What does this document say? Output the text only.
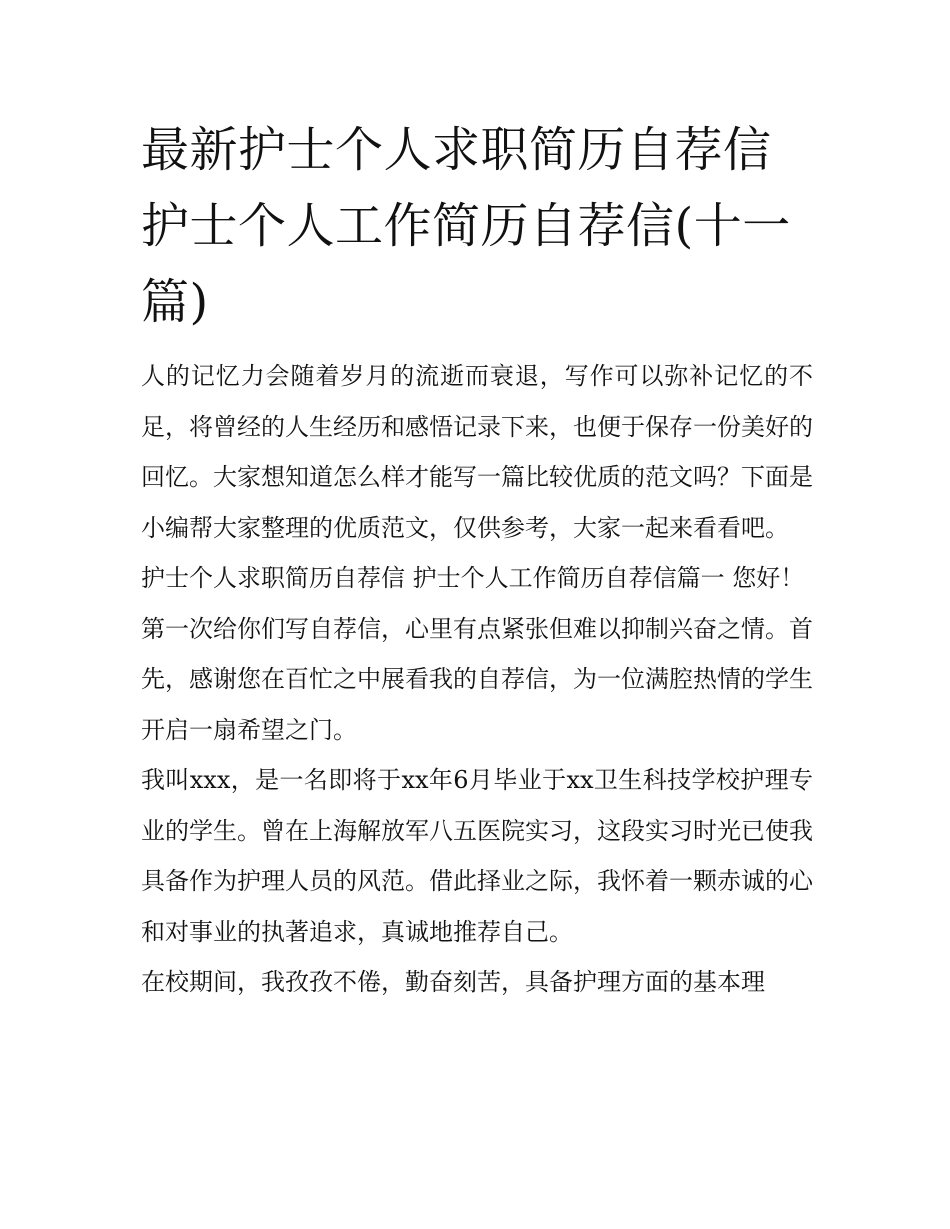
最新护士个人求职简历自荐信 护士个人工作简历自荐信(十一篇)

人的记忆力会随着岁月的流逝而衰退，写作可以弥补记忆的不足，将曾经的人生经历和感悟记录下来，也便于保存一份美好的回忆。大家想知道怎么样才能写一篇比较优质的范文吗？下面是小编帮大家整理的优质范文，仅供参考，大家一起来看看吧。

护士个人求职简历自荐信 护士个人工作简历自荐信篇一 您好！

第一次给你们写自荐信，心里有点紧张但难以抑制兴奋之情。首先，感谢您在百忙之中展看我的自荐信，为一位满腔热情的学生开启一扇希望之门。

我叫xxx，是一名即将于xx年6月毕业于xx卫生科技学校护理专业的学生。曾在上海解放军八五医院实习，这段实习时光已使我具备作为护理人员的风范。借此择业之际，我怀着一颗赤诚的心和对事业的执著追求，真诚地推荐自己。

在校期间，我孜孜不倦，勤奋刻苦，具备护理方面的基本理
